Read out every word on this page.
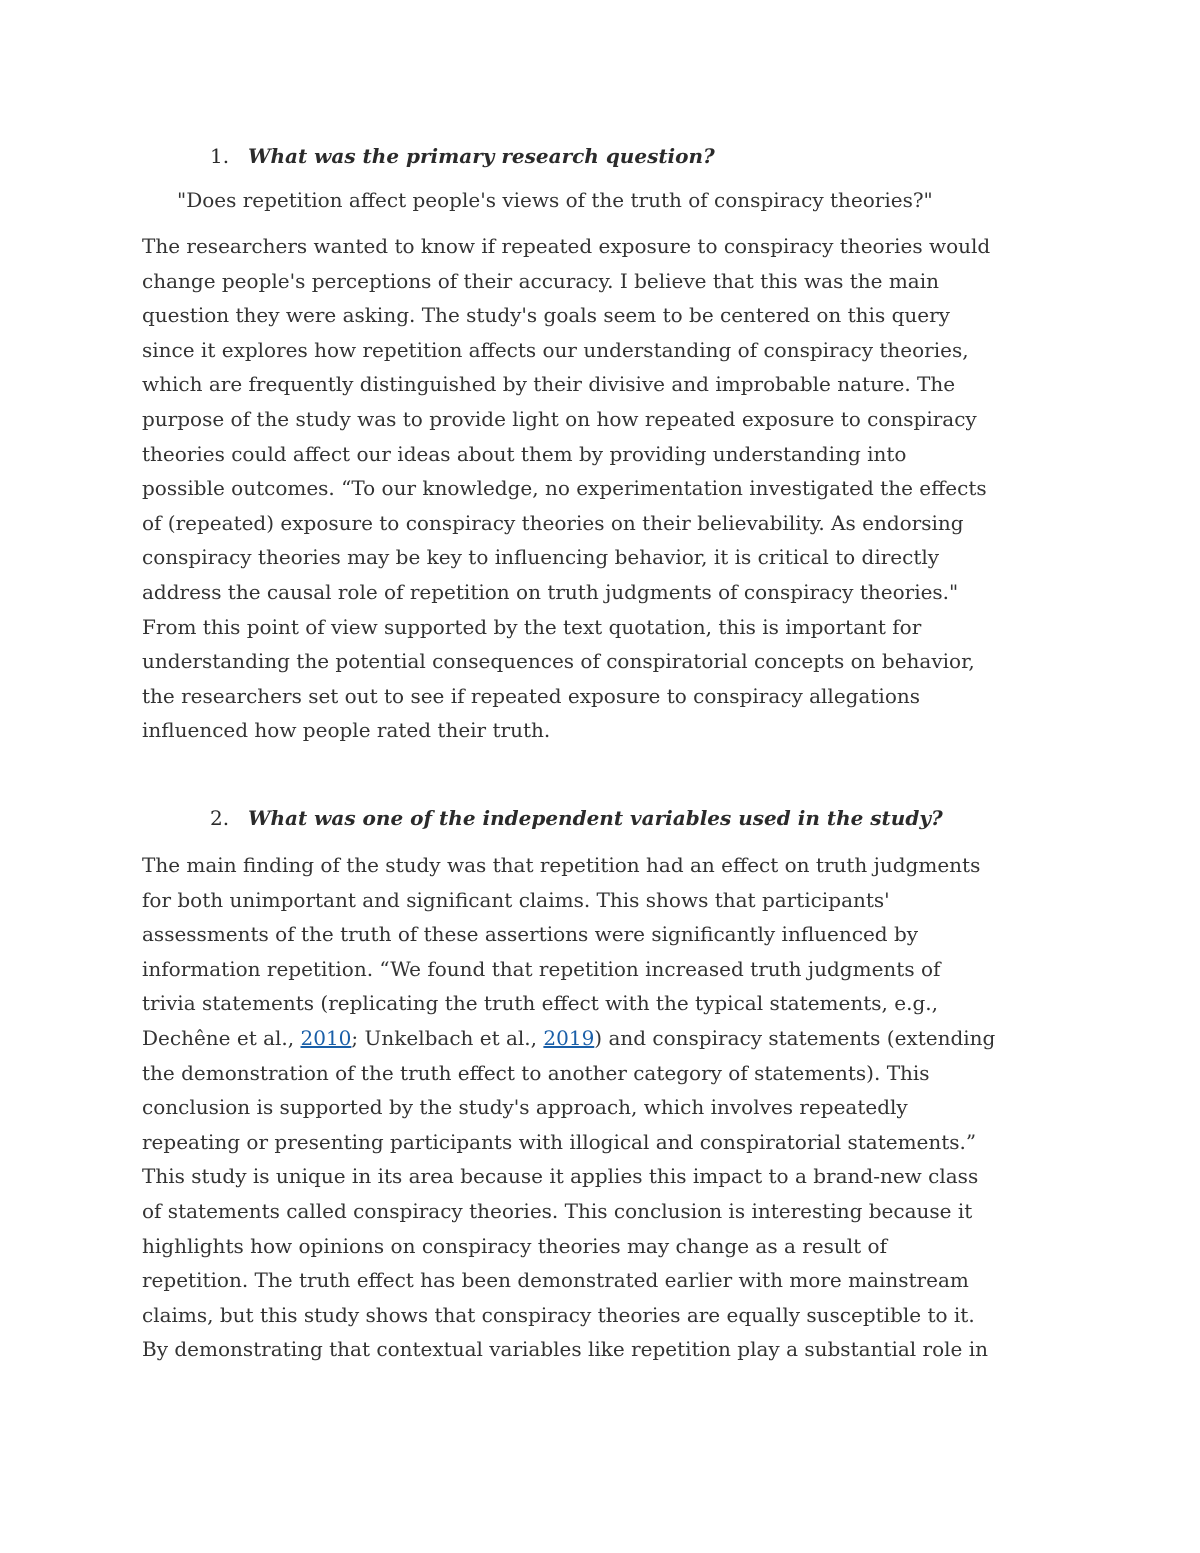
1. What was the primary research question?
"Does repetition affect people's views of the truth of conspiracy theories?"
The researchers wanted to know if repeated exposure to conspiracy theories would
change people's perceptions of their accuracy. I believe that this was the main
question they were asking. The study's goals seem to be centered on this query
since it explores how repetition affects our understanding of conspiracy theories,
which are frequently distinguished by their divisive and improbable nature. The
purpose of the study was to provide light on how repeated exposure to conspiracy
theories could affect our ideas about them by providing understanding into
possible outcomes. “To our knowledge, no experimentation investigated the effects
of (repeated) exposure to conspiracy theories on their believability. As endorsing
conspiracy theories may be key to influencing behavior, it is critical to directly
address the causal role of repetition on truth judgments of conspiracy theories."
From this point of view supported by the text quotation, this is important for
understanding the potential consequences of conspiratorial concepts on behavior,
the researchers set out to see if repeated exposure to conspiracy allegations
influenced how people rated their truth.
2. What was one of the independent variables used in the study?
The main finding of the study was that repetition had an effect on truth judgments
for both unimportant and significant claims. This shows that participants'
assessments of the truth of these assertions were significantly influenced by
information repetition. “We found that repetition increased truth judgments of
trivia statements (replicating the truth effect with the typical statements, e.g.,
Dechêne et al., 2010; Unkelbach et al., 2019) and conspiracy statements (extending
the demonstration of the truth effect to another category of statements). This
conclusion is supported by the study's approach, which involves repeatedly
repeating or presenting participants with illogical and conspiratorial statements.”
This study is unique in its area because it applies this impact to a brand-new class
of statements called conspiracy theories. This conclusion is interesting because it
highlights how opinions on conspiracy theories may change as a result of
repetition. The truth effect has been demonstrated earlier with more mainstream
claims, but this study shows that conspiracy theories are equally susceptible to it.
By demonstrating that contextual variables like repetition play a substantial role in
